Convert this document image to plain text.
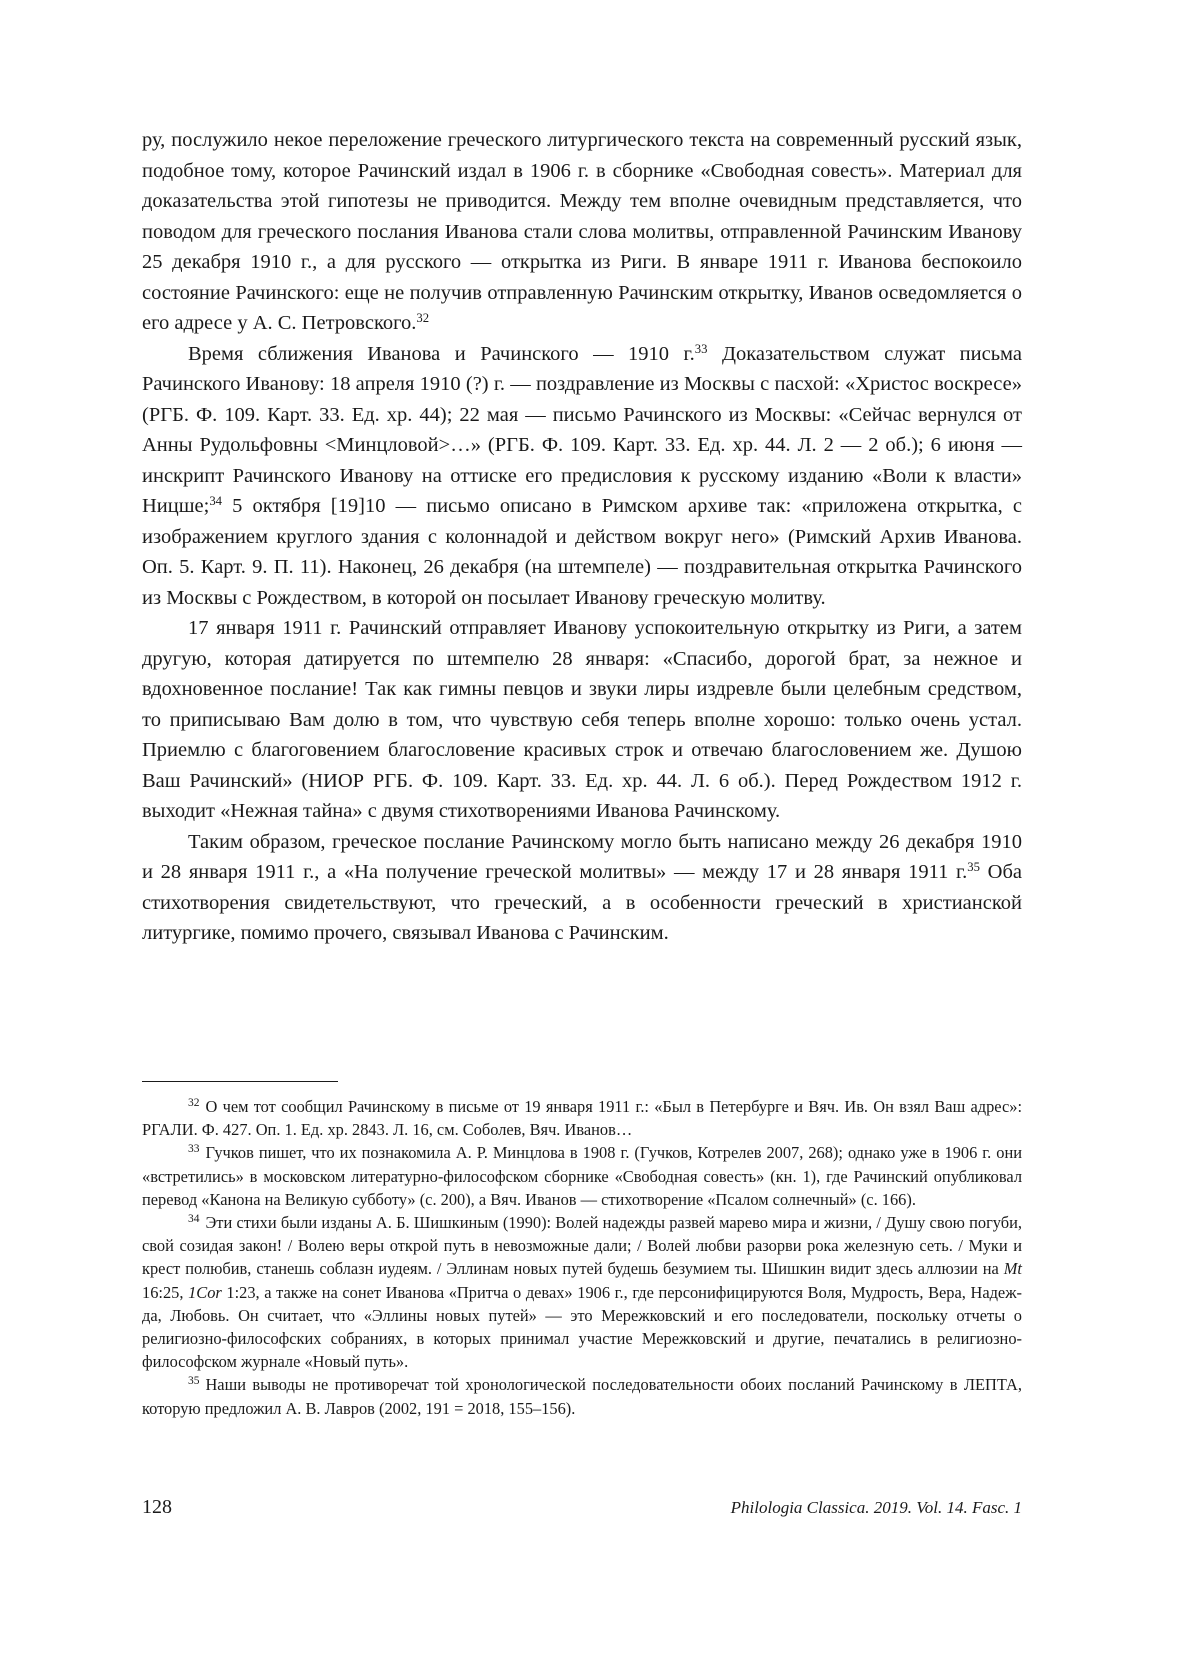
ру, послужило некое переложение греческого литургического текста на современный русский язык, подобное тому, которое Рачинский издал в 1906 г. в сборнике «Свободная совесть». Материал для доказательства этой гипотезы не приводится. Между тем вполне очевидным представляется, что поводом для греческого послания Иванова стали слова молитвы, отправленной Рачинским Иванову 25 декабря 1910 г., а для русского — открытка из Риги. В январе 1911 г. Иванова беспокоило состояние Рачинского: еще не получив отправленную Рачинским открытку, Иванов осведомляется о его адресе у А. С. Петровского.$^{32}$

Время сближения Иванова и Рачинского — 1910 г.$^{33}$ Доказательством служат письма Рачинского Иванову: 18 апреля 1910 (?) г. — поздравление из Москвы с пасхой: «Христос воскресе» (РГБ. Ф. 109. Карт. 33. Ед. хр. 44); 22 мая — письмо Рачинского из Москвы: «Сейчас вернулся от Анны Рудольфовны <Минцловой>…» (РГБ. Ф. 109. Карт. 33. Ед. хр. 44. Л. 2 — 2 об.); 6 июня — инскрипт Рачинского Иванову на оттиске его предисловия к русскому изданию «Воли к власти» Ницше;$^{34}$ 5 октября [19]10 — письмо описано в Римском архиве так: «приложена открытка, с изображением круглого здания с колоннадой и действом вокруг него» (Римский Архив Иванова. Оп. 5. Карт. 9. П. 11). Наконец, 26 декабря (на штемпеле) — поздравительная открытка Рачинского из Москвы с Рождеством, в которой он посылает Иванову греческую молитву.

17 января 1911 г. Рачинский отправляет Иванову успокоительную открытку из Риги, а затем другую, которая датируется по штемпелю 28 января: «Спасибо, дорогой брат, за нежное и вдохновенное послание! Так как гимны певцов и звуки лиры издревле были целебным средством, то приписываю Вам долю в том, что чувствую себя теперь вполне хорошо: только очень устал. Приемлю с благоговением благословение красивых строк и отвечаю благословением же. Душою Ваш Рачинский» (НИОР РГБ. Ф. 109. Карт. 33. Ед. хр. 44. Л. 6 об.). Перед Рождеством 1912 г. выходит «Нежная тайна» с двумя стихотворениями Иванова Рачинскому.

Таким образом, греческое послание Рачинскому могло быть написано между 26 декабря 1910 и 28 января 1911 г., а «На получение греческой молитвы» — между 17 и 28 января 1911 г.$^{35}$ Оба стихотворения свидетельствуют, что греческий, а в особенности греческий в христианской литургике, помимо прочего, связывал Иванова с Рачинским.

$^{32}$ О чем тот сообщил Рачинскому в письме от 19 января 1911 г.: «Был в Петербурге и Вяч. Ив. Он взял Ваш адрес»: РГАЛИ. Ф. 427. Оп. 1. Ед. хр. 2843. Л. 16, см. Соболев, Вяч. Иванов…

$^{33}$ Гучков пишет, что их познакомила А. Р. Минцлова в 1908 г. (Гучков, Котрелев 2007, 268); однако уже в 1906 г. они «встретились» в московском литературно-философском сборнике «Свободная совесть» (кн. 1), где Рачинский опубликовал перевод «Канона на Великую субботу» (с. 200), а Вяч. Иванов — стихотворение «Псалом солнечный» (с. 166).

$^{34}$ Эти стихи были изданы А. Б. Шишкиным (1990): Волей надежды развей марево мира и жизни, / Душу свою погуби, свой созидая закон! / Волею веры открой путь в невозможные дали; / Волей любви разорви рока железную сеть. / Муки и крест полюбив, станешь соблазн иудеям. / Эллинам новых путей будешь безумием ты. Шишкин видит здесь аллюзии на Mt 16:25, 1Cor 1:23, а также на сонет Иванова «Притча о девах» 1906 г., где персонифицируются Воля, Мудрость, Вера, Надежда, Любовь. Он считает, что «Эллины новых путей» — это Мережковский и его последователи, поскольку отчеты о религиозно-философских собраниях, в которых принимал участие Мережковский и другие, печатались в религиозно-философском журнале «Новый путь».

$^{35}$ Наши выводы не противоречат той хронологической последовательности обоих посланий Рачинскому в ЛЕПТА, которую предложил А. В. Лавров (2002, 191 = 2018, 155–156).

128	Philologia Classica. 2019. Vol. 14. Fasc. 1
